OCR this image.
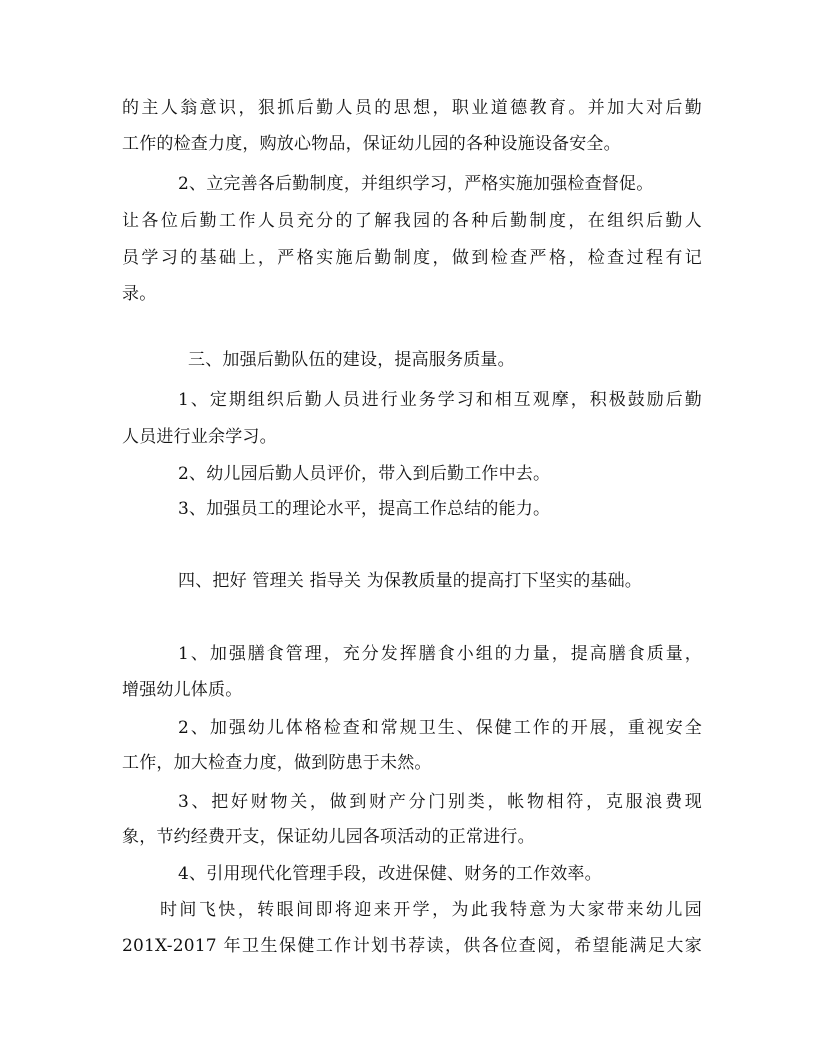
的主人翁意识，狠抓后勤人员的思想，职业道德教育。并加大对后勤
工作的检查力度，购放心物品，保证幼儿园的各种设施设备安全。
2、立完善各后勤制度，并组织学习，严格实施加强检查督促。
让各位后勤工作人员充分的了解我园的各种后勤制度，在组织后勤人
员学习的基础上，严格实施后勤制度，做到检查严格，检查过程有记
录。
三、加强后勤队伍的建设，提高服务质量。
1、定期组织后勤人员进行业务学习和相互观摩，积极鼓励后勤
人员进行业余学习。
2、幼儿园后勤人员评价，带入到后勤工作中去。
3、加强员工的理论水平，提高工作总结的能力。
四、把好 管理关 指导关 为保教质量的提高打下坚实的基础。
1、加强膳食管理，充分发挥膳食小组的力量，提高膳食质量，
增强幼儿体质。
2、加强幼儿体格检查和常规卫生、保健工作的开展，重视安全
工作，加大检查力度，做到防患于未然。
3、把好财物关，做到财产分门别类，帐物相符，克服浪费现
象，节约经费开支，保证幼儿园各项活动的正常进行。
4、引用现代化管理手段，改进保健、财务的工作效率。
时间飞快，转眼间即将迎来开学，为此我特意为大家带来幼儿园
201X-2017 年卫生保健工作计划书荐读，供各位查阅，希望能满足大家
